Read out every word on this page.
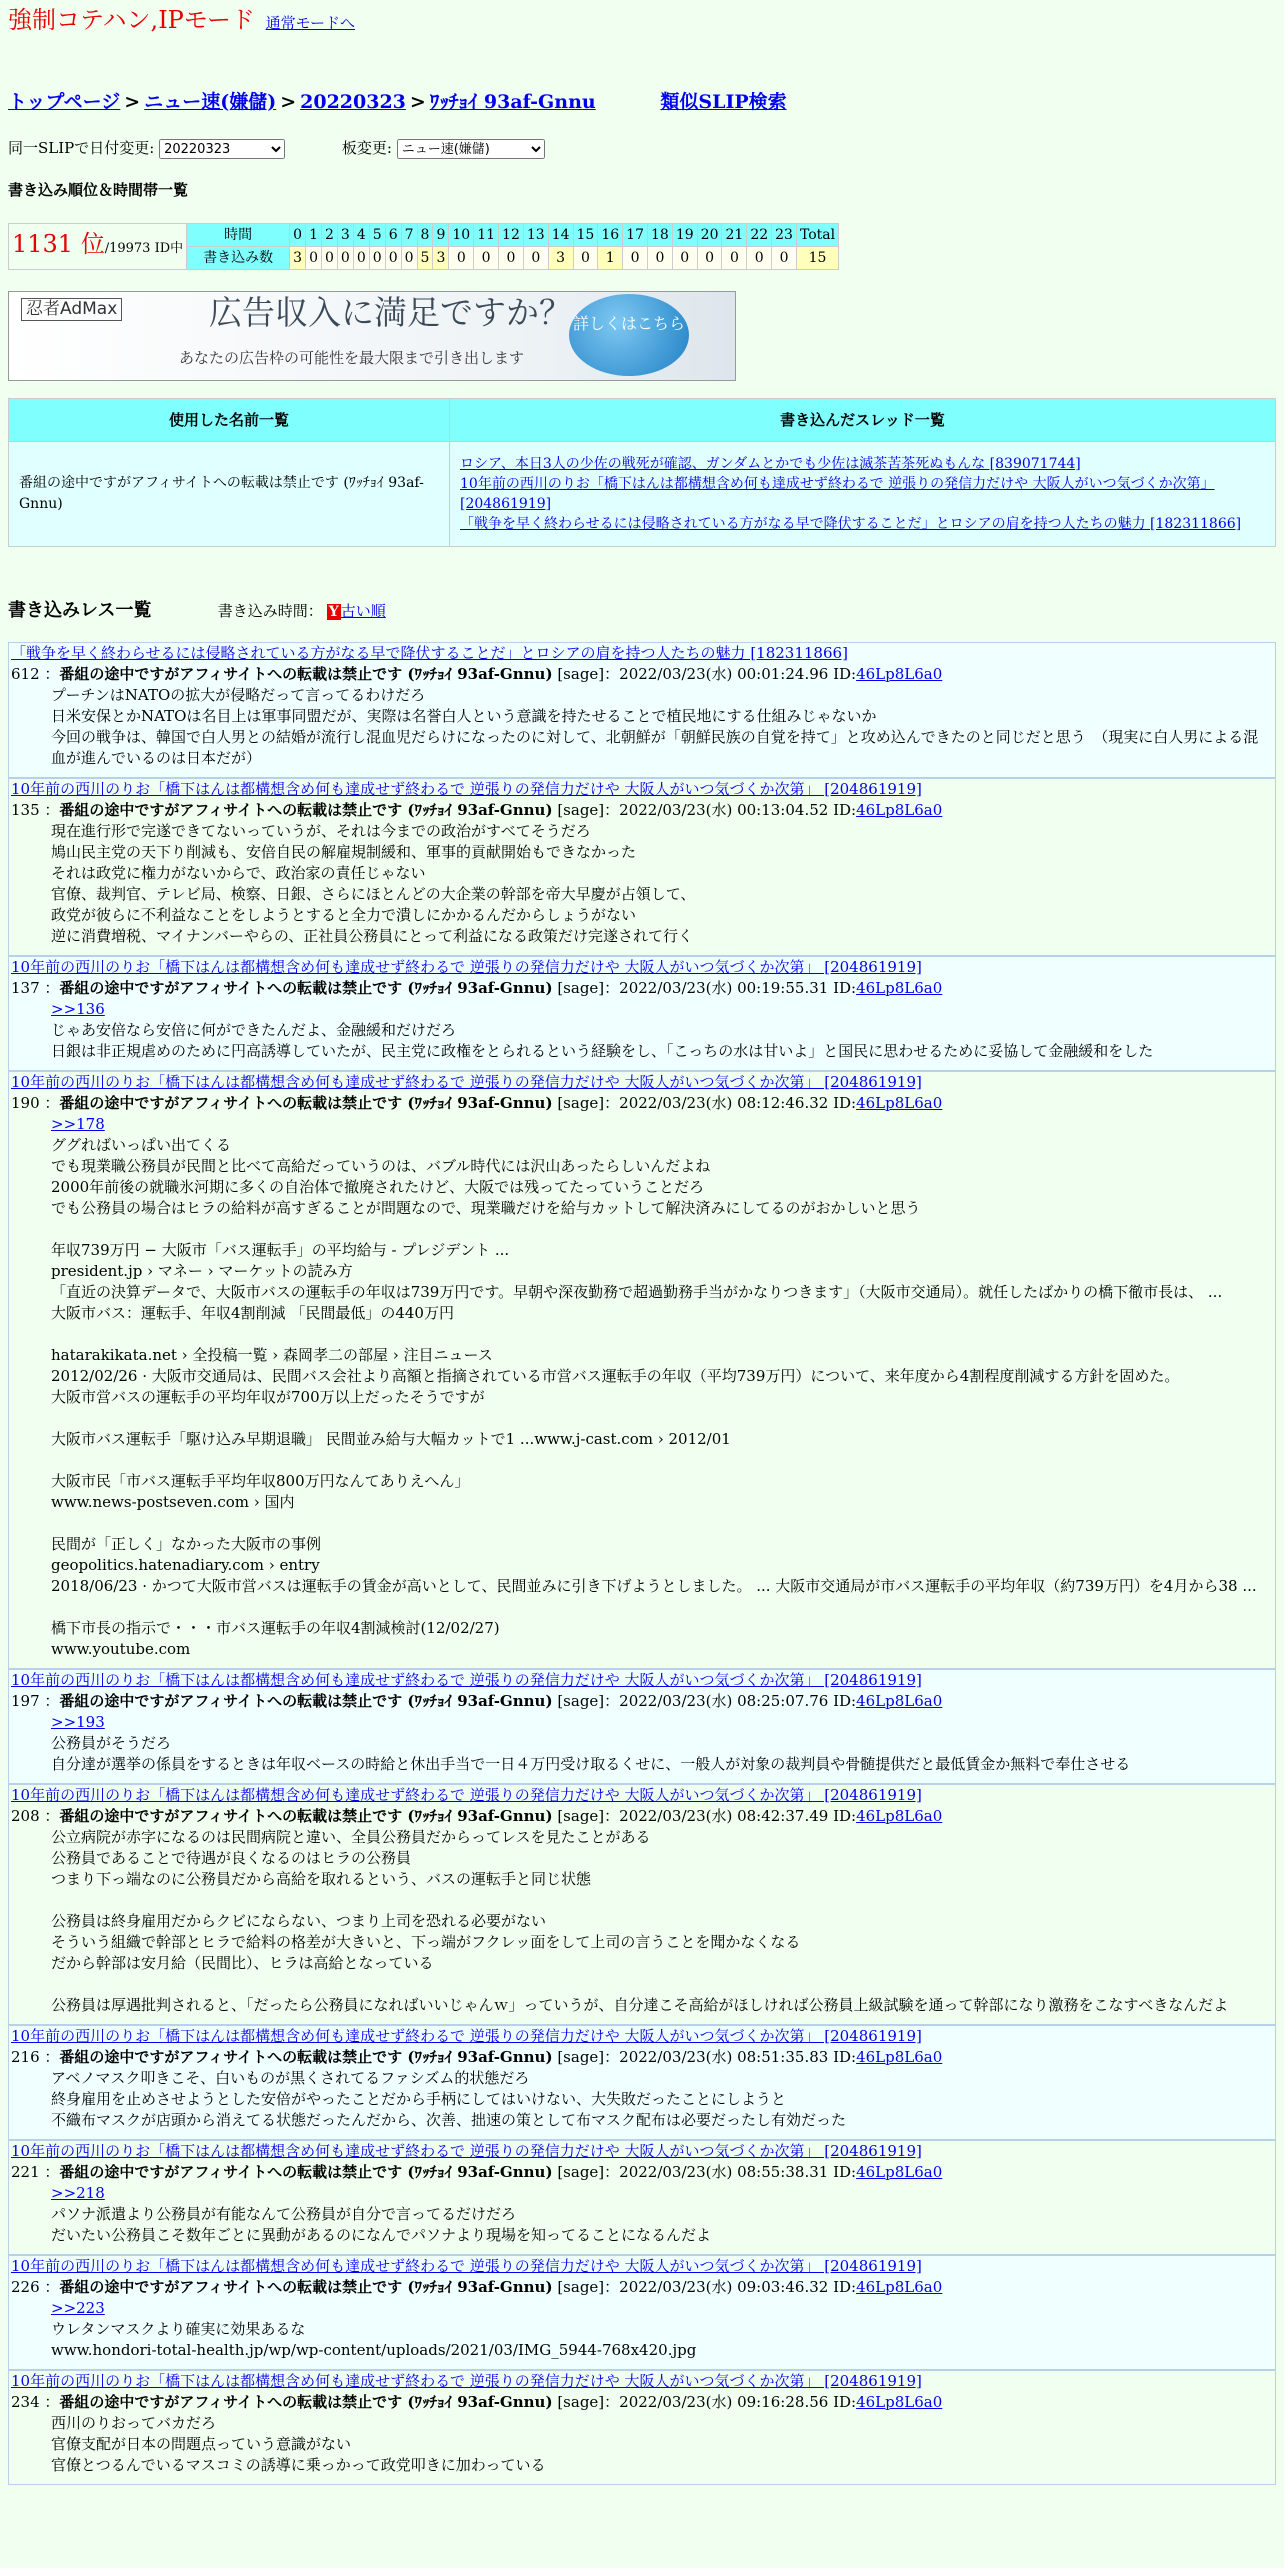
強制コテハン,IPモード 通常モードへ
トップページ > ニュー速(嫌儲) > 20220323 > ﾜｯﾁｮｲ 93af-Gnnu	類似SLIP検索
同一SLIPで日付変更:
20220323	板変更:
ニュー速(嫌儲)
書き込み順位＆時間帯一覧
1131 位/19973 ID中	時間	0	1	2	3	4	5	6	7	8	9	10	11	12	13	14	15	16	17	18	19	20	21	22	23	Total
	書き込み数	3	0	0	0	0	0	0	0	5	3	0	0	0	0	3	0	1	0	0	0	0	0	0	0	15
忍者AdMax	広告収入に満足ですか？
あなたの広告枠の可能性を最大限まで引き出します
詳しくはこちら
使用した名前一覧	書き込んだスレッド一覧
番組の途中ですがアフィサイトへの転載は禁止です (ﾜｯﾁｮｲ 93af-Gnnu)	ロシア、本日3人の少佐の戦死が確認、ガンダムとかでも少佐は滅茶苦茶死ぬもんな [839071744]
10年前の西川のりお「橋下はんは都構想含め何も達成せず終わるで 逆張りの発信力だけや 大阪人がいつ気づくか次第」 [204861919]
「戦争を早く終わらせるには侵略されている方がなる早で降伏することだ」とロシアの肩を持つ人たちの魅力 [182311866]
書き込みレス一覧	書き込み時間： Y 古い順
「戦争を早く終わらせるには侵略されている方がなる早で降伏することだ」とロシアの肩を持つ人たちの魅力 [182311866]
612 ：番組の途中ですがアフィサイトへの転載は禁止です (ﾜｯﾁｮｲ 93af-Gnnu) [sage]：2022/03/23(水) 00:01:24.96 ID:46Lp8L6a0

プーチンはNATOの拡大が侵略だって言ってるわけだろ

日米安保とかNATOは名目上は軍事同盟だが、実際は名誉白人という意識を持たせることで植民地にする仕組みじゃないか

今回の戦争は、韓国で白人男との結婚が流行し混血児だらけになったのに対して、北朝鮮が「朝鮮民族の自覚を持て」と攻め込んできたのと同じだと思う　（現実に白人男による混血が進んでいるのは日本だが）

10年前の西川のりお「橋下はんは都構想含め何も達成せず終わるで 逆張りの発信力だけや 大阪人がいつ気づくか次第」 [204861919]
135 ：番組の途中ですがアフィサイトへの転載は禁止です (ﾜｯﾁｮｲ 93af-Gnnu) [sage]：2022/03/23(水) 00:13:04.52 ID:46Lp8L6a0

現在進行形で完遂できてないっていうが、それは今までの政治がすべてそうだろ

鳩山民主党の天下り削減も、安倍自民の解雇規制緩和、軍事的貢献開始もできなかった

それは政党に権力がないからで、政治家の責任じゃない

官僚、裁判官、テレビ局、検察、日銀、さらにほとんどの大企業の幹部を帝大早慶が占領して、

政党が彼らに不利益なことをしようとすると全力で潰しにかかるんだからしょうがない

逆に消費増税、マイナンバーやらの、正社員公務員にとって利益になる政策だけ完遂されて行く

10年前の西川のりお「橋下はんは都構想含め何も達成せず終わるで 逆張りの発信力だけや 大阪人がいつ気づくか次第」 [204861919]
137 ：番組の途中ですがアフィサイトへの転載は禁止です (ﾜｯﾁｮｲ 93af-Gnnu) [sage]：2022/03/23(水) 00:19:55.31 ID:46Lp8L6a0

>>136

じゃあ安倍なら安倍に何ができたんだよ、金融緩和だけだろ

日銀は非正規虐めのために円高誘導していたが、民主党に政権をとられるという経験をし、「こっちの水は甘いよ」と国民に思わせるために妥協して金融緩和をした

10年前の西川のりお「橋下はんは都構想含め何も達成せず終わるで 逆張りの発信力だけや 大阪人がいつ気づくか次第」 [204861919]
190 ：番組の途中ですがアフィサイトへの転載は禁止です (ﾜｯﾁｮｲ 93af-Gnnu) [sage]：2022/03/23(水) 08:12:46.32 ID:46Lp8L6a0

>>178

ググればいっぱい出てくる

でも現業職公務員が民間と比べて高給だっていうのは、バブル時代には沢山あったらしいんだよね

2000年前後の就職氷河期に多くの自治体で撤廃されたけど、大阪では残ってたっていうことだろ

でも公務員の場合はヒラの給料が高すぎることが問題なので、現業職だけを給与カットして解決済みにしてるのがおかしいと思う

年収739万円 − 大阪市「バス運転手」の平均給与 - プレジデント ...

president.jp › マネー › マーケットの読み方

「直近の決算データで、大阪市バスの運転手の年収は739万円です。早朝や深夜勤務で超過勤務手当がかなりつきます」（大阪市交通局）。就任したばかりの橋下徹市長は、 ...

大阪市バス：運転手、年収4割削減 「民間最低」の440万円

hatarakikata.net › 全投稿一覧 › 森岡孝二の部屋 › 注目ニュース

2012/02/26 · 大阪市交通局は、民間バス会社より高額と指摘されている市営バス運転手の年収（平均739万円）について、来年度から4割程度削減する方針を固めた。

大阪市営バスの運転手の平均年収が700万以上だったそうですが

大阪市バス運転手「駆け込み早期退職」 民間並み給与大幅カットで1 ...www.j-cast.com › 2012/01

大阪市民「市バス運転手平均年収800万円なんてありえへん」

www.news-postseven.com › 国内

民間が「正しく」なかった大阪市の事例

geopolitics.hatenadiary.com › entry

2018/06/23 · かつて大阪市営バスは運転手の賃金が高いとして、民間並みに引き下げようとしました。 ... 大阪市交通局が市バス運転手の平均年収（約739万円）を4月から38 ...

橋下市長の指示で・・・市バス運転手の年収4割減検討(12/02/27)

www.youtube.com

10年前の西川のりお「橋下はんは都構想含め何も達成せず終わるで 逆張りの発信力だけや 大阪人がいつ気づくか次第」 [204861919]
197 ：番組の途中ですがアフィサイトへの転載は禁止です (ﾜｯﾁｮｲ 93af-Gnnu) [sage]：2022/03/23(水) 08:25:07.76 ID:46Lp8L6a0

>>193

公務員がそうだろ

自分達が選挙の係員をするときは年収ベースの時給と休出手当で一日４万円受け取るくせに、一般人が対象の裁判員や骨髄提供だと最低賃金か無料で奉仕させる

10年前の西川のりお「橋下はんは都構想含め何も達成せず終わるで 逆張りの発信力だけや 大阪人がいつ気づくか次第」 [204861919]
208 ：番組の途中ですがアフィサイトへの転載は禁止です (ﾜｯﾁｮｲ 93af-Gnnu) [sage]：2022/03/23(水) 08:42:37.49 ID:46Lp8L6a0

公立病院が赤字になるのは民間病院と違い、全員公務員だからってレスを見たことがある

公務員であることで待遇が良くなるのはヒラの公務員

つまり下っ端なのに公務員だから高給を取れるという、バスの運転手と同じ状態

公務員は終身雇用だからクビにならない、つまり上司を恐れる必要がない

そういう組織で幹部とヒラで給料の格差が大きいと、下っ端がフクレッ面をして上司の言うことを聞かなくなる

だから幹部は安月給（民間比）、ヒラは高給となっている

公務員は厚遇批判されると、「だったら公務員になればいいじゃんｗ」っていうが、自分達こそ高給がほしければ公務員上級試験を通って幹部になり激務をこなすべきなんだよ

10年前の西川のりお「橋下はんは都構想含め何も達成せず終わるで 逆張りの発信力だけや 大阪人がいつ気づくか次第」 [204861919]
216 ：番組の途中ですがアフィサイトへの転載は禁止です (ﾜｯﾁｮｲ 93af-Gnnu) [sage]：2022/03/23(水) 08:51:35.83 ID:46Lp8L6a0

アベノマスク叩きこそ、白いものが黒くされてるファシズム的状態だろ

終身雇用を止めさせようとした安倍がやったことだから手柄にしてはいけない、大失敗だったことにしようと

不織布マスクが店頭から消えてる状態だったんだから、次善、拙速の策として布マスク配布は必要だったし有効だった

10年前の西川のりお「橋下はんは都構想含め何も達成せず終わるで 逆張りの発信力だけや 大阪人がいつ気づくか次第」 [204861919]
221 ：番組の途中ですがアフィサイトへの転載は禁止です (ﾜｯﾁｮｲ 93af-Gnnu) [sage]：2022/03/23(水) 08:55:38.31 ID:46Lp8L6a0

>>218

パソナ派遣より公務員が有能なんて公務員が自分で言ってるだけだろ

だいたい公務員こそ数年ごとに異動があるのになんでパソナより現場を知ってることになるんだよ

10年前の西川のりお「橋下はんは都構想含め何も達成せず終わるで 逆張りの発信力だけや 大阪人がいつ気づくか次第」 [204861919]
226 ：番組の途中ですがアフィサイトへの転載は禁止です (ﾜｯﾁｮｲ 93af-Gnnu) [sage]：2022/03/23(水) 09:03:46.32 ID:46Lp8L6a0

>>223

ウレタンマスクより確実に効果あるな

www.hondori-total-health.jp/wp/wp-content/uploads/2021/03/IMG_5944-768x420.jpg

10年前の西川のりお「橋下はんは都構想含め何も達成せず終わるで 逆張りの発信力だけや 大阪人がいつ気づくか次第」 [204861919]
234 ：番組の途中ですがアフィサイトへの転載は禁止です (ﾜｯﾁｮｲ 93af-Gnnu) [sage]：2022/03/23(水) 09:16:28.56 ID:46Lp8L6a0

西川のりおってバカだろ

官僚支配が日本の問題点っていう意識がない

官僚とつるんでいるマスコミの誘導に乗っかって政党叩きに加わっている
